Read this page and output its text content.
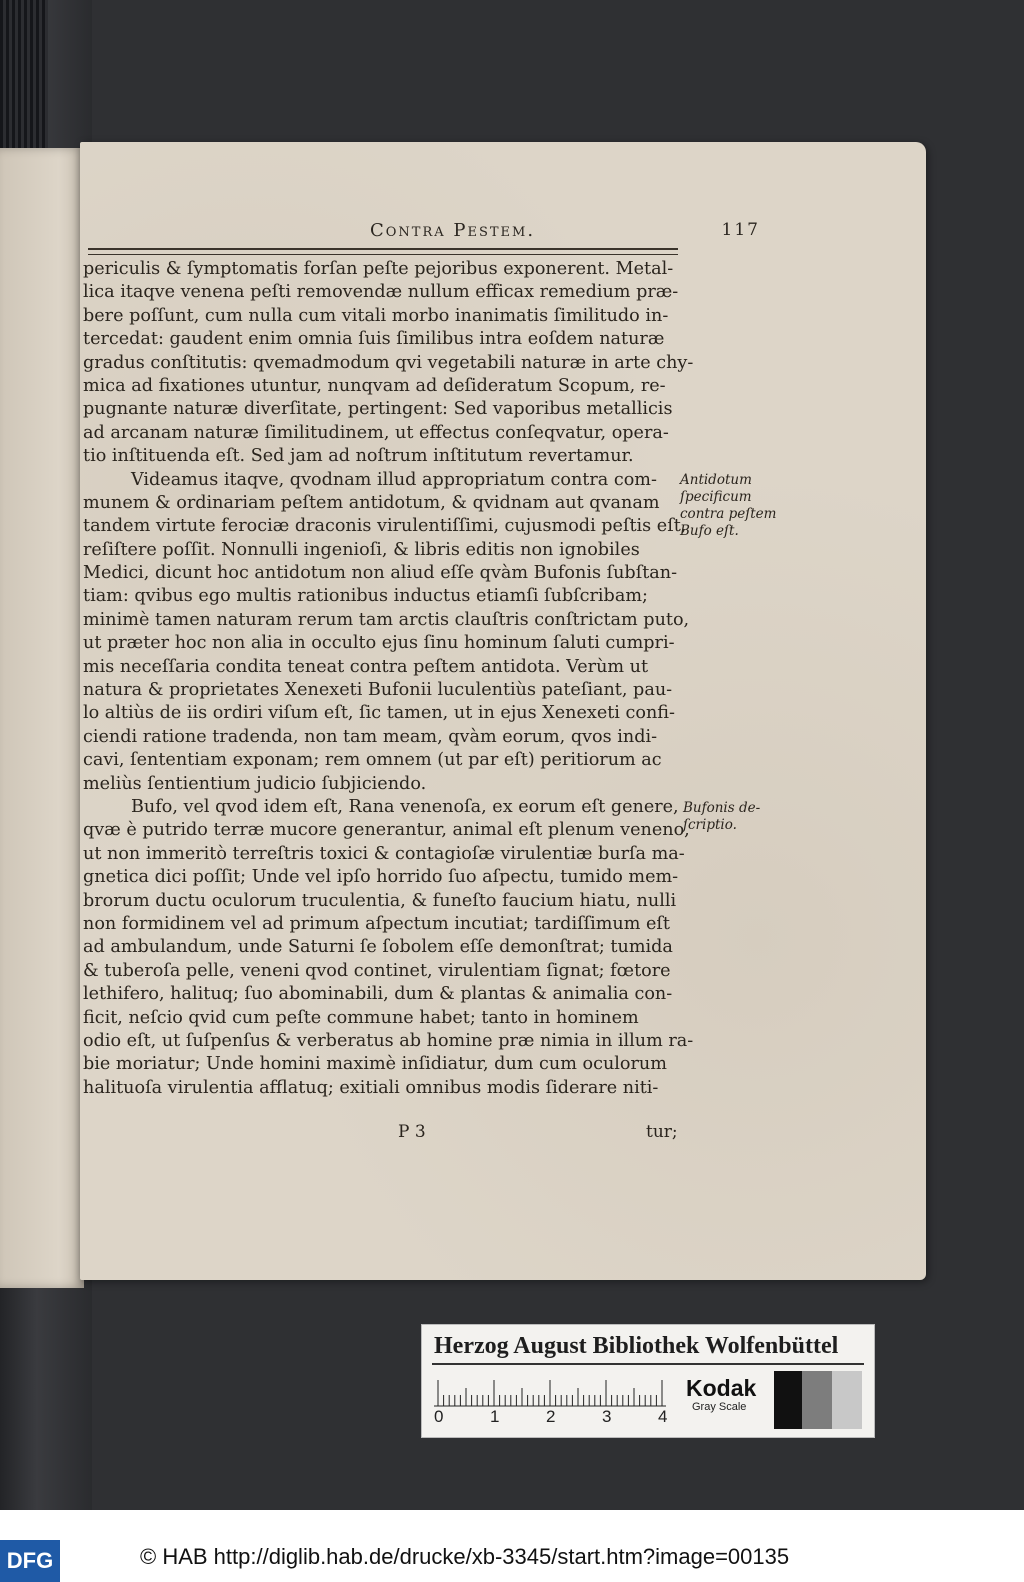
Contra Pestem.	117
periculis & ſymptomatis forſan peſte pejoribus exponerent. Metal-
lica itaqve venena peſti removendæ nullum efficax remedium præ-
bere poſſunt, cum nulla cum vitali morbo inanimatis ſimilitudo in-
tercedat: gaudent enim omnia ſuis ſimilibus intra eoſdem naturæ
gradus conſtitutis: qvemadmodum qvi vegetabili naturæ in arte chy-
mica ad fixationes utuntur, nunqvam ad deſideratum Scopum, re-
pugnante naturæ diverſitate, pertingent: Sed vaporibus metallicis
ad arcanam naturæ ſimilitudinem, ut effectus conſeqvatur, opera-
tio inſtituenda eſt. Sed jam ad noſtrum inſtitutum revertamur.
Videamus itaqve, qvodnam illud appropriatum contra com-
munem & ordinariam peſtem antidotum, & qvidnam aut qvanam
tandem virtute ferociæ draconis virulentiſſimi, cujusmodi peſtis eſt,
reſiſtere poſſit. Nonnulli ingenioſi, & libris editis non ignobiles
Medici, dicunt hoc antidotum non aliud eſſe qvàm Bufonis ſubſtan-
tiam: qvibus ego multis rationibus inductus etiamſi ſubſcribam;
minimè tamen naturam rerum tam arctis clauſtris conſtrictam puto,
ut præter hoc non alia in occulto ejus ſinu hominum ſaluti cumpri-
mis neceſſaria condita teneat contra peſtem antidota. Verùm ut
natura & proprietates Xenexeti Bufonii luculentiùs pateſiant, pau-
lo altiùs de iis ordiri viſum eſt, ſic tamen, ut in ejus Xenexeti confi-
ciendi ratione tradenda, non tam meam, qvàm eorum, qvos indi-
cavi, ſententiam exponam; rem omnem (ut par eſt) peritiorum ac
meliùs ſentientium judicio ſubjiciendo.
Bufo, vel qvod idem eſt, Rana venenoſa, ex eorum eſt genere,
qvæ è putrido terræ mucore generantur, animal eſt plenum veneno,
ut non immeritò terreſtris toxici & contagioſæ virulentiæ burſa ma-
gnetica dici poſſit; Unde vel ipſo horrido ſuo aſpectu, tumido mem-
brorum ductu oculorum truculentia, & funeſto faucium hiatu, nulli
non formidinem vel ad primum aſpectum incutiat; tardiſſimum eſt
ad ambulandum, unde Saturni ſe ſobolem eſſe demonſtrat; tumida
& tuberoſa pelle, veneni qvod continet, virulentiam ſignat; fœtore
lethifero, halituq; ſuo abominabili, dum & plantas & animalia con-
ficit, neſcio qvid cum peſte commune habet; tanto in hominem
odio eſt, ut ſuſpenſus & verberatus ab homine præ nimia in illum ra-
bie moriatur; Unde homini maximè inſidiatur, dum cum oculorum
halituoſa virulentia afflatuq; exitiali omnibus modis ſiderare niti-
Antidotum
ſpecificum
contra peſtem
Bufo eſt.
Bufonis de-
ſcriptio.
P 3	tur;
Herzog August Bibliothek Wolfenbüttel
0	1	2	3	4
Kodak
Gray Scale
DFG	© HAB http://diglib.hab.de/drucke/xb-3345/start.htm?image=00135
